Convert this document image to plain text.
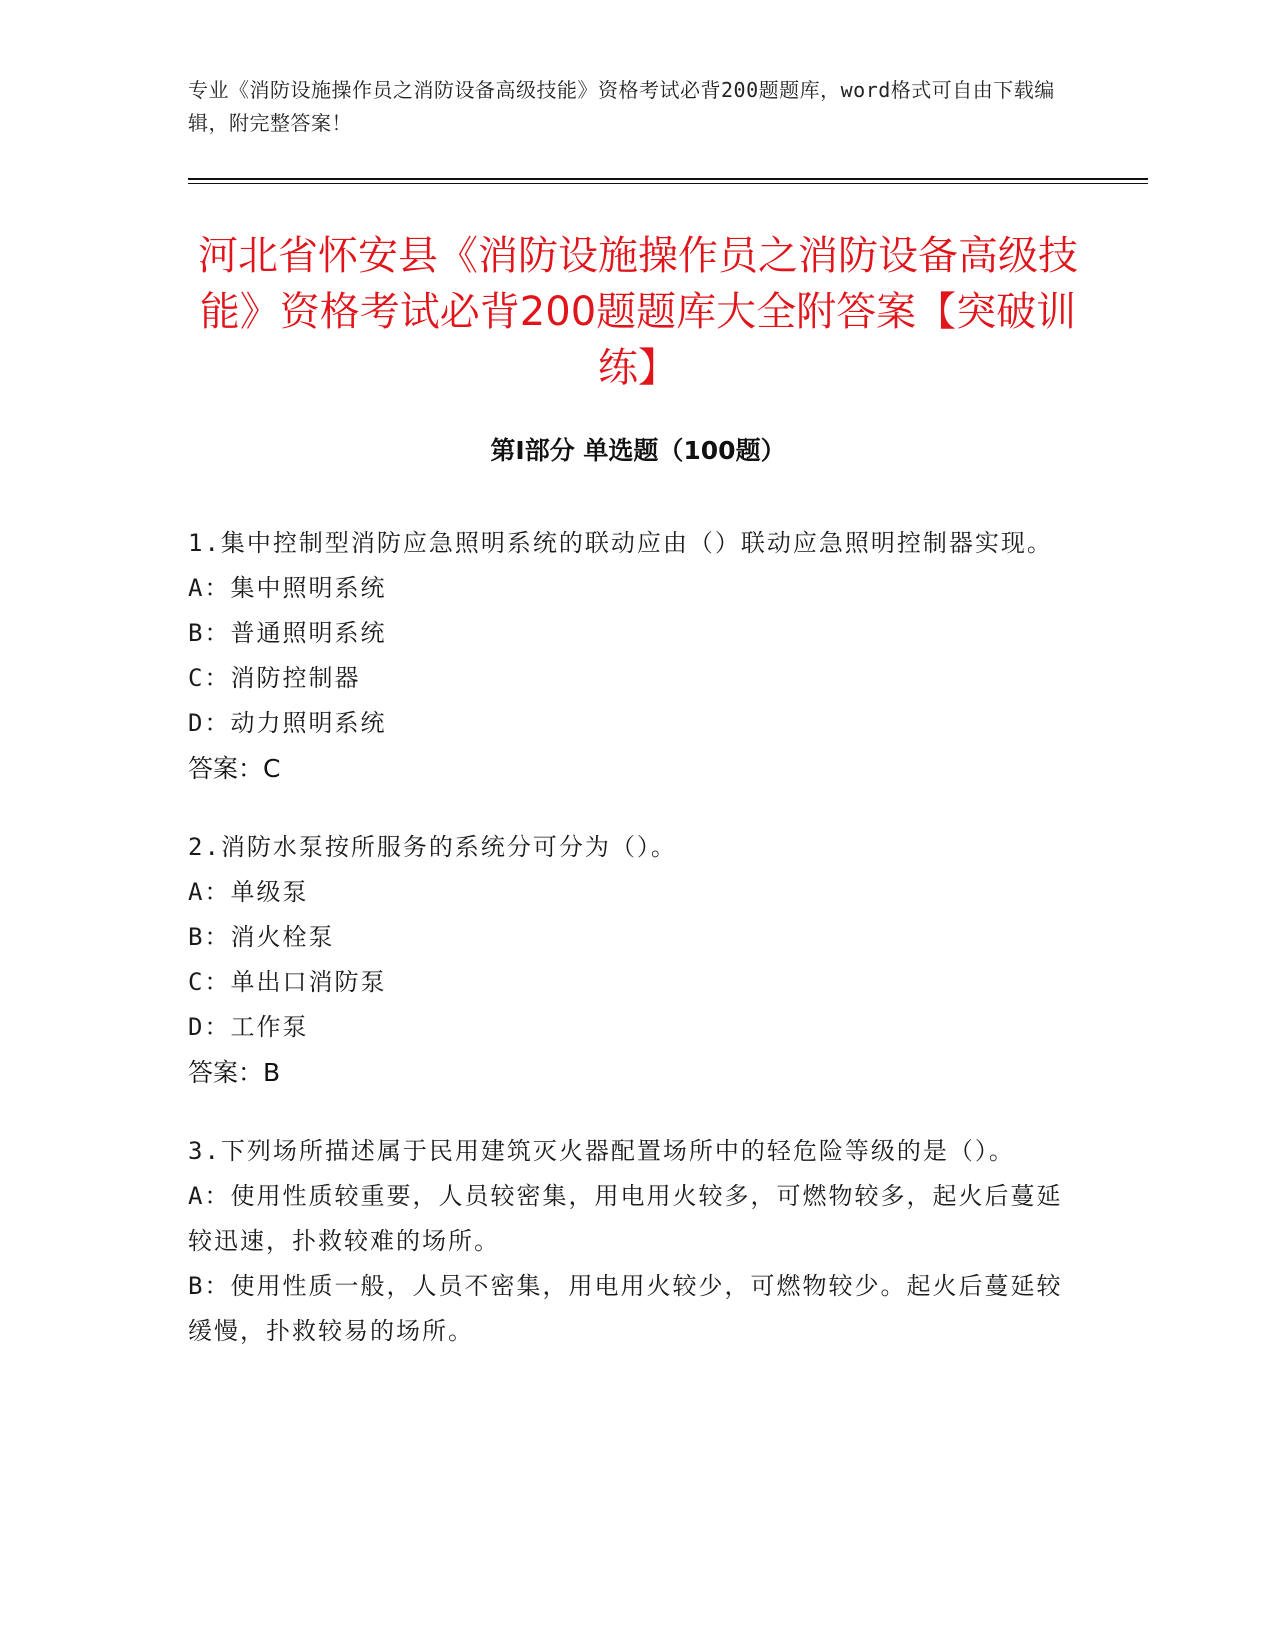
专业《消防设施操作员之消防设备高级技能》资格考试必背200题题库，word格式可自由下载编辑，附完整答案！
河北省怀安县《消防设施操作员之消防设备高级技能》资格考试必背200题题库大全附答案【突破训练】
第Ⅰ部分 单选题（100题）

1.集中控制型消防应急照明系统的联动应由（）联动应急照明控制器实现。

A：集中照明系统

B：普通照明系统

C：消防控制器

D：动力照明系统

答案：C

2.消防水泵按所服务的系统分可分为（）。

A：单级泵

B：消火栓泵

C：单出口消防泵

D：工作泵

答案：B

3.下列场所描述属于民用建筑灭火器配置场所中的轻危险等级的是（）。

A：使用性质较重要，人员较密集，用电用火较多，可燃物较多，起火后蔓延较迅速，扑救较难的场所。

B：使用性质一般，人员不密集，用电用火较少，可燃物较少。起火后蔓延较缓慢，扑救较易的场所。
